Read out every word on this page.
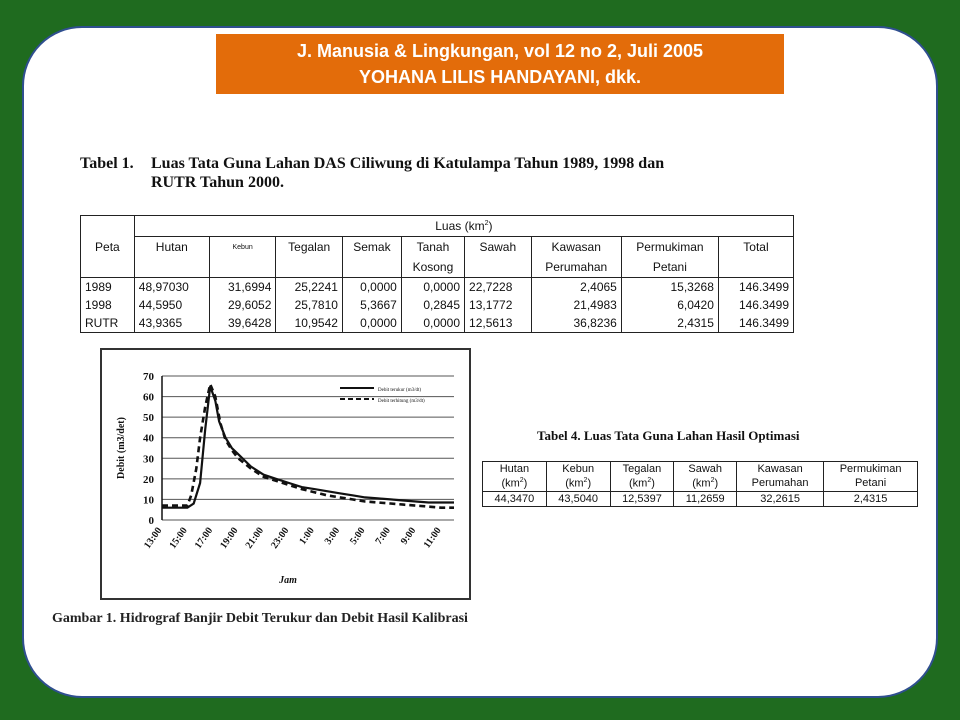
J. Manusia & Lingkungan, vol 12 no 2, Juli 2005
YOHANA LILIS HANDAYANI, dkk.
Tabel 1. Luas Tata Guna Lahan DAS Ciliwung di Katulampa Tahun 1989, 1998 dan
RUTR Tahun 2000.
	Luas $(km^2)$								
Peta	Hutan	Kebun	Tegalan	Semak	Tanah	Sawah	Kawasan	Permukiman	Total
					Kosong		Perumahan	Petani	
1989	48,97030	31,6994	25,2241	0,0000	0,0000	22,7228	2,4065	15,3268	146.3499
1998	44,5950	29,6052	25,7810	5,3667	0,2845	13,1772	21,4983	6,0420	146.3499
RUTR	43,9365	39,6428	10,9542	0,0000	0,0000	12,5613	36,8236	2,4315	146.3499
0
10
20
30
40
50
60
70
13:00 15:00 17:00 19:00 21:00 23:00 1:00 3:00 5:00 7:00 9:00 11:00
Debit (m3/det)
Jam
Debit terukur (m3/dt)
Debit terhitung (m3/dt)
Gambar 1. Hidrograf Banjir Debit Terukur dan Debit Hasil Kalibrasi
Tabel 4. Luas Tata Guna Lahan Hasil Optimasi
Hutan	Kebun	Tegalan	Sawah	Kawasan	Permukiman
$(km^2)$	$(km^2)$	$(km^2)$	$(km^2)$	Perumahan	Petani
44,3470	43,5040	12,5397	11,2659	32,2615	2,4315
